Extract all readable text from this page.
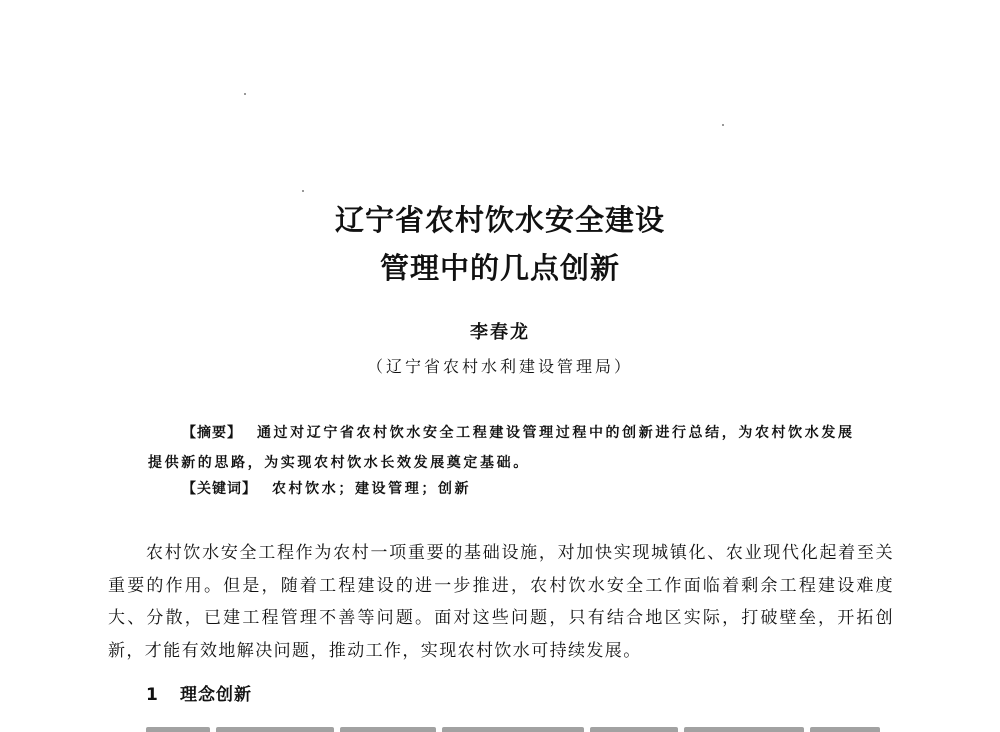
辽宁省农村饮水安全建设
管理中的几点创新
李春龙
（辽宁省农村水利建设管理局）
【摘要】 通过对辽宁省农村饮水安全工程建设管理过程中的创新进行总结，为农村饮水发展提供新的思路，为实现农村饮水长效发展奠定基础。
【关键词】 农村饮水；建设管理；创新

农村饮水安全工程作为农村一项重要的基础设施，对加快实现城镇化、农业现代化起着至关重要的作用。但是，随着工程建设的进一步推进，农村饮水安全工作面临着剩余工程建设难度大、分散，已建工程管理不善等问题。面对这些问题，只有结合地区实际，打破壁垒，开拓创新，才能有效地解决问题，推动工作，实现农村饮水可持续发展。

1 理念创新
